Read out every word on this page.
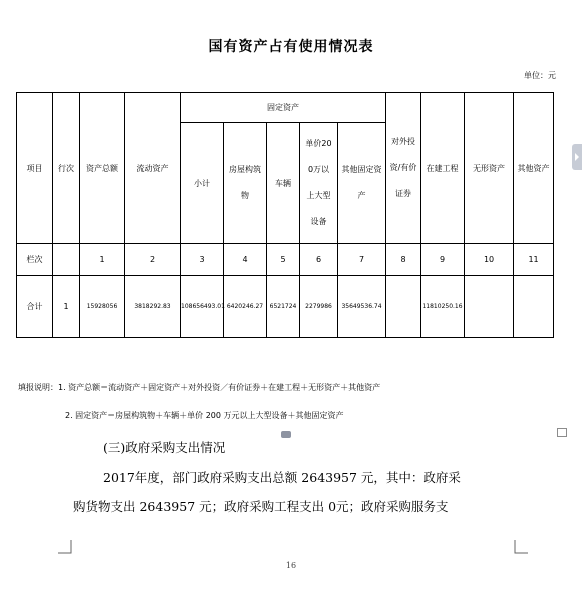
国有资产占有使用情况表
单位：元
项目	行次	资产总额	流动资产	固定资产					对外投资/有价证券	在建工程	无形资产	其他资产
				小计	房屋构筑物	车辆	单价200万以上大型设备	其他固定资产				
栏次		1	2	3	4	5	6	7	8	9	10	11
合计	1	15928056	3818292.83	108656493.01	6420246.27	6521724	2279986	35649536.74		11810250.16		
填报说明：1. 资产总额＝流动资产＋固定资产＋对外投资／有价证券＋在建工程＋无形资产＋其他资产
2. 固定资产＝房屋构筑物＋车辆＋单价 200 万元以上大型设备＋其他固定资产
(三)政府采购支出情况
2017年度，部门政府采购支出总额 2643957 元，其中：政府采
购货物支出 2643957 元；政府采购工程支出 0元；政府采购服务支
16
